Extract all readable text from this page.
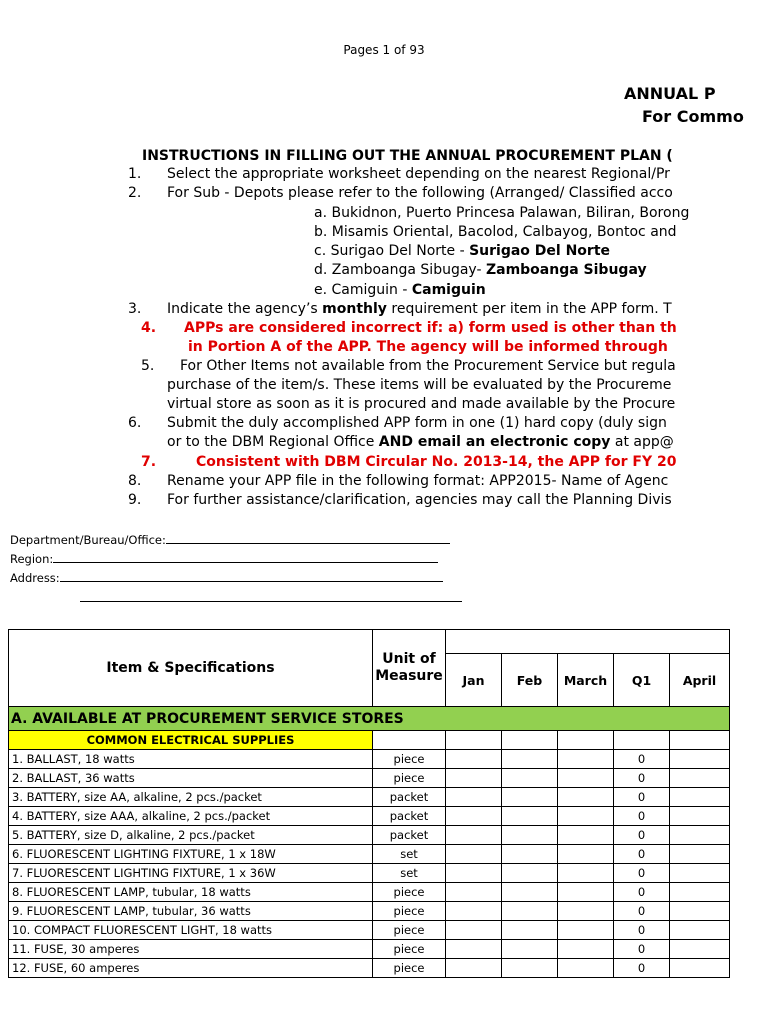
Pages 1 of 93
ANNUAL P
For Commo
INSTRUCTIONS IN FILLING OUT THE ANNUAL PROCUREMENT PLAN (
1. Select the appropriate worksheet depending on the nearest Regional/Pr
2. For Sub - Depots please refer to the following (Arranged/ Classified acco
a. Bukidnon, Puerto Princesa Palawan, Biliran, Borong
b. Misamis Oriental, Bacolod, Calbayog, Bontoc and
c. Surigao Del Norte - Surigao Del Norte
d. Zamboanga Sibugay- Zamboanga Sibugay
e. Camiguin - Camiguin
3. Indicate the agency’s monthly requirement per item in the APP form. T
4. APPs are considered incorrect if: a) form used is other than th
in Portion A of the APP. The agency will be informed through
5. For Other Items not available from the Procurement Service but regula
purchase of the item/s. These items will be evaluated by the Procureme
virtual store as soon as it is procured and made available by the Procure
6. Submit the duly accomplished APP form in one (1) hard copy (duly sign
or to the DBM Regional Office AND email an electronic copy at app@
7.	Consistent with DBM Circular No. 2013-14, the APP for FY 20
8. Rename your APP file in the following format: APP2015- Name of Agenc
9. For further assistance/clarification, agencies may call the Planning Divis
Department/Bureau/Office:
Region:
Address:
Item & Specifications	Unit of Measure					
		Jan	Feb	March	Q1	April
A. AVAILABLE AT PROCUREMENT SERVICE STORES						
COMMON ELECTRICAL SUPPLIES						
1. BALLAST, 18 watts	piece				0	
2. BALLAST, 36 watts	piece				0	
3. BATTERY, size AA, alkaline, 2 pcs./packet	packet				0	
4. BATTERY, size AAA, alkaline, 2 pcs./packet	packet				0	
5. BATTERY, size D, alkaline, 2 pcs./packet	packet				0	
6. FLUORESCENT LIGHTING FIXTURE, 1 x 18W	set				0	
7. FLUORESCENT LIGHTING FIXTURE, 1 x 36W	set				0	
8. FLUORESCENT LAMP, tubular, 18 watts	piece				0	
9. FLUORESCENT LAMP, tubular, 36 watts	piece				0	
10. COMPACT FLUORESCENT LIGHT, 18 watts	piece				0	
11. FUSE, 30 amperes	piece				0	
12. FUSE, 60 amperes	piece				0	
